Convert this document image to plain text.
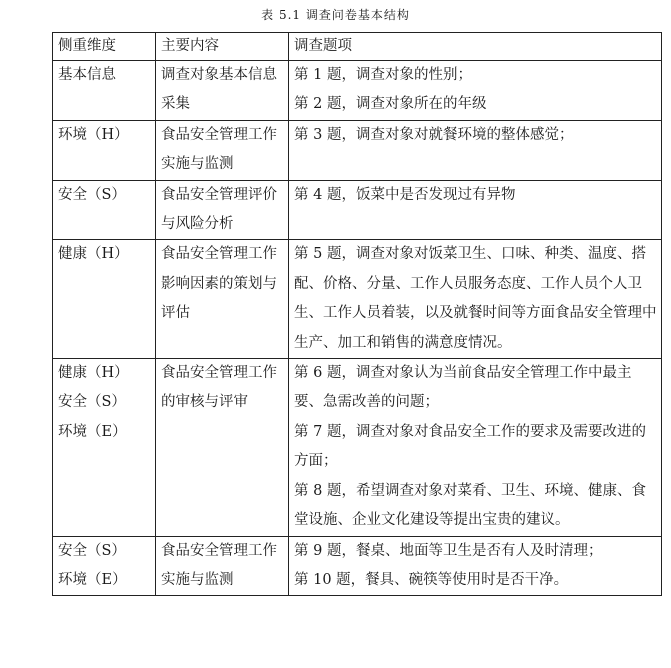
表 5.1 调查问卷基本结构
侧重维度	主要内容	调查题项

基本信息	调查对象基本信息采集	第 1 题，调查对象的性别；
第 2 题，调查对象所在的年级

环境（H）	食品安全管理工作实施与监测	第 3 题，调查对象对就餐环境的整体感觉；

安全（S）	食品安全管理评价与风险分析	第 4 题，饭菜中是否发现过有异物

健康（H）	食品安全管理工作影响因素的策划与评估	第 5 题，调查对象对饭菜卫生、口味、种类、温度、搭配、价格、分量、工作人员服务态度、工作人员个人卫生、工作人员着装，以及就餐时间等方面食品安全管理中生产、加工和销售的满意度情况。

健康（H）
安全（S）
环境（E）	食品安全管理工作的审核与评审	第 6 题，调查对象认为当前食品安全管理工作中最主要、急需改善的问题；
第 7 题，调查对象对食品安全工作的要求及需要改进的方面；
第 8 题，希望调查对象对菜肴、卫生、环境、健康、食堂设施、企业文化建设等提出宝贵的建议。

安全（S）
环境（E）	食品安全管理工作实施与监测	第 9 题，餐桌、地面等卫生是否有人及时清理；
第 10 题，餐具、碗筷等使用时是否干净。
